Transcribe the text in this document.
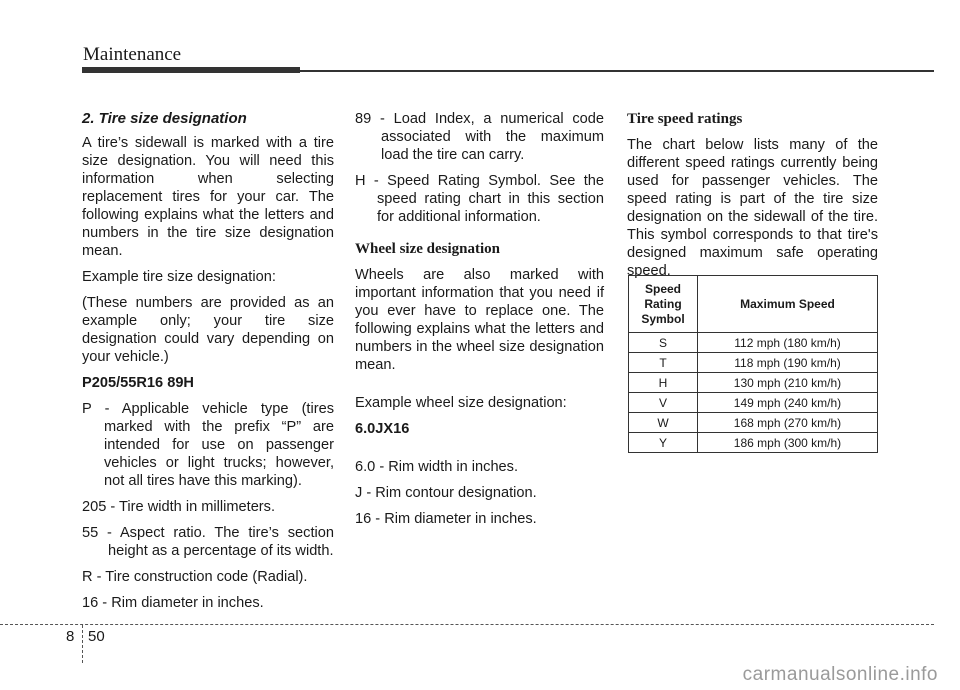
Maintenance

2. Tire size designation

A tire’s sidewall is marked with a tire size designation. You will need this information when selecting replacement tires for your car. The following explains what the letters and numbers in the tire size designation mean.

Example tire size designation:

(These numbers are provided as an example only; your tire size designation could vary depending on your vehicle.)

P205/55R16 89H

P - Applicable vehicle type (tires marked with the prefix “P” are intended for use on passenger vehicles or light trucks; however, not all tires have this marking).

205 - Tire width in millimeters.

55 - Aspect ratio. The tire’s section height as a percentage of its width.

R - Tire construction code (Radial).

16 - Rim diameter in inches.

89 - Load Index, a numerical code associated with the maximum load the tire can carry.

H - Speed Rating Symbol. See the speed rating chart in this section for additional information.

Wheel size designation

Wheels are also marked with important information that you need if you ever have to replace one. The following explains what the letters and numbers in the wheel size designation mean.

Example wheel size designation:

6.0JX16

6.0 - Rim width in inches.

J - Rim contour designation.

16 - Rim diameter in inches.

Tire speed ratings

The chart below lists many of the different speed ratings currently being used for passenger vehicles. The speed rating is part of the tire size designation on the sidewall of the tire. This symbol corresponds to that tire's designed maximum safe operating speed.

Speed
Rating
Symbol	Maximum Speed
S	112 mph (180 km/h)
T	118 mph (190 km/h)
H	130 mph (210 km/h)
V	149 mph (240 km/h)
W	168 mph (270 km/h)
Y	186 mph (300 km/h)
8 50
carmanualsonline.info
